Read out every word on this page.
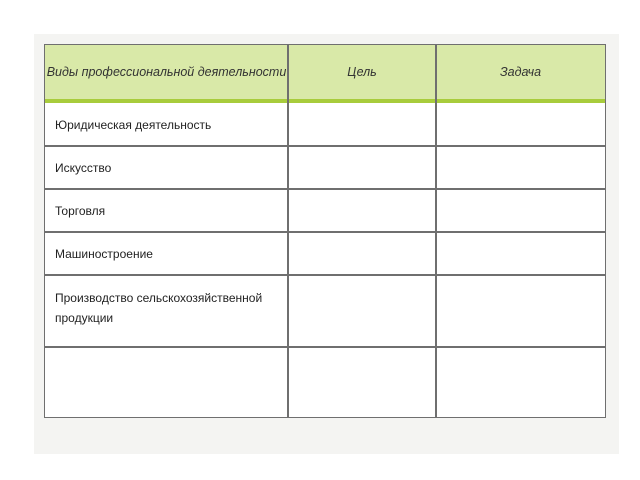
Виды профессиональной деятельности	Цель	Задача
Юридическая деятельность
Искусство
Торговля
Машиностроение
Производство сельскохозяйственной продукции
